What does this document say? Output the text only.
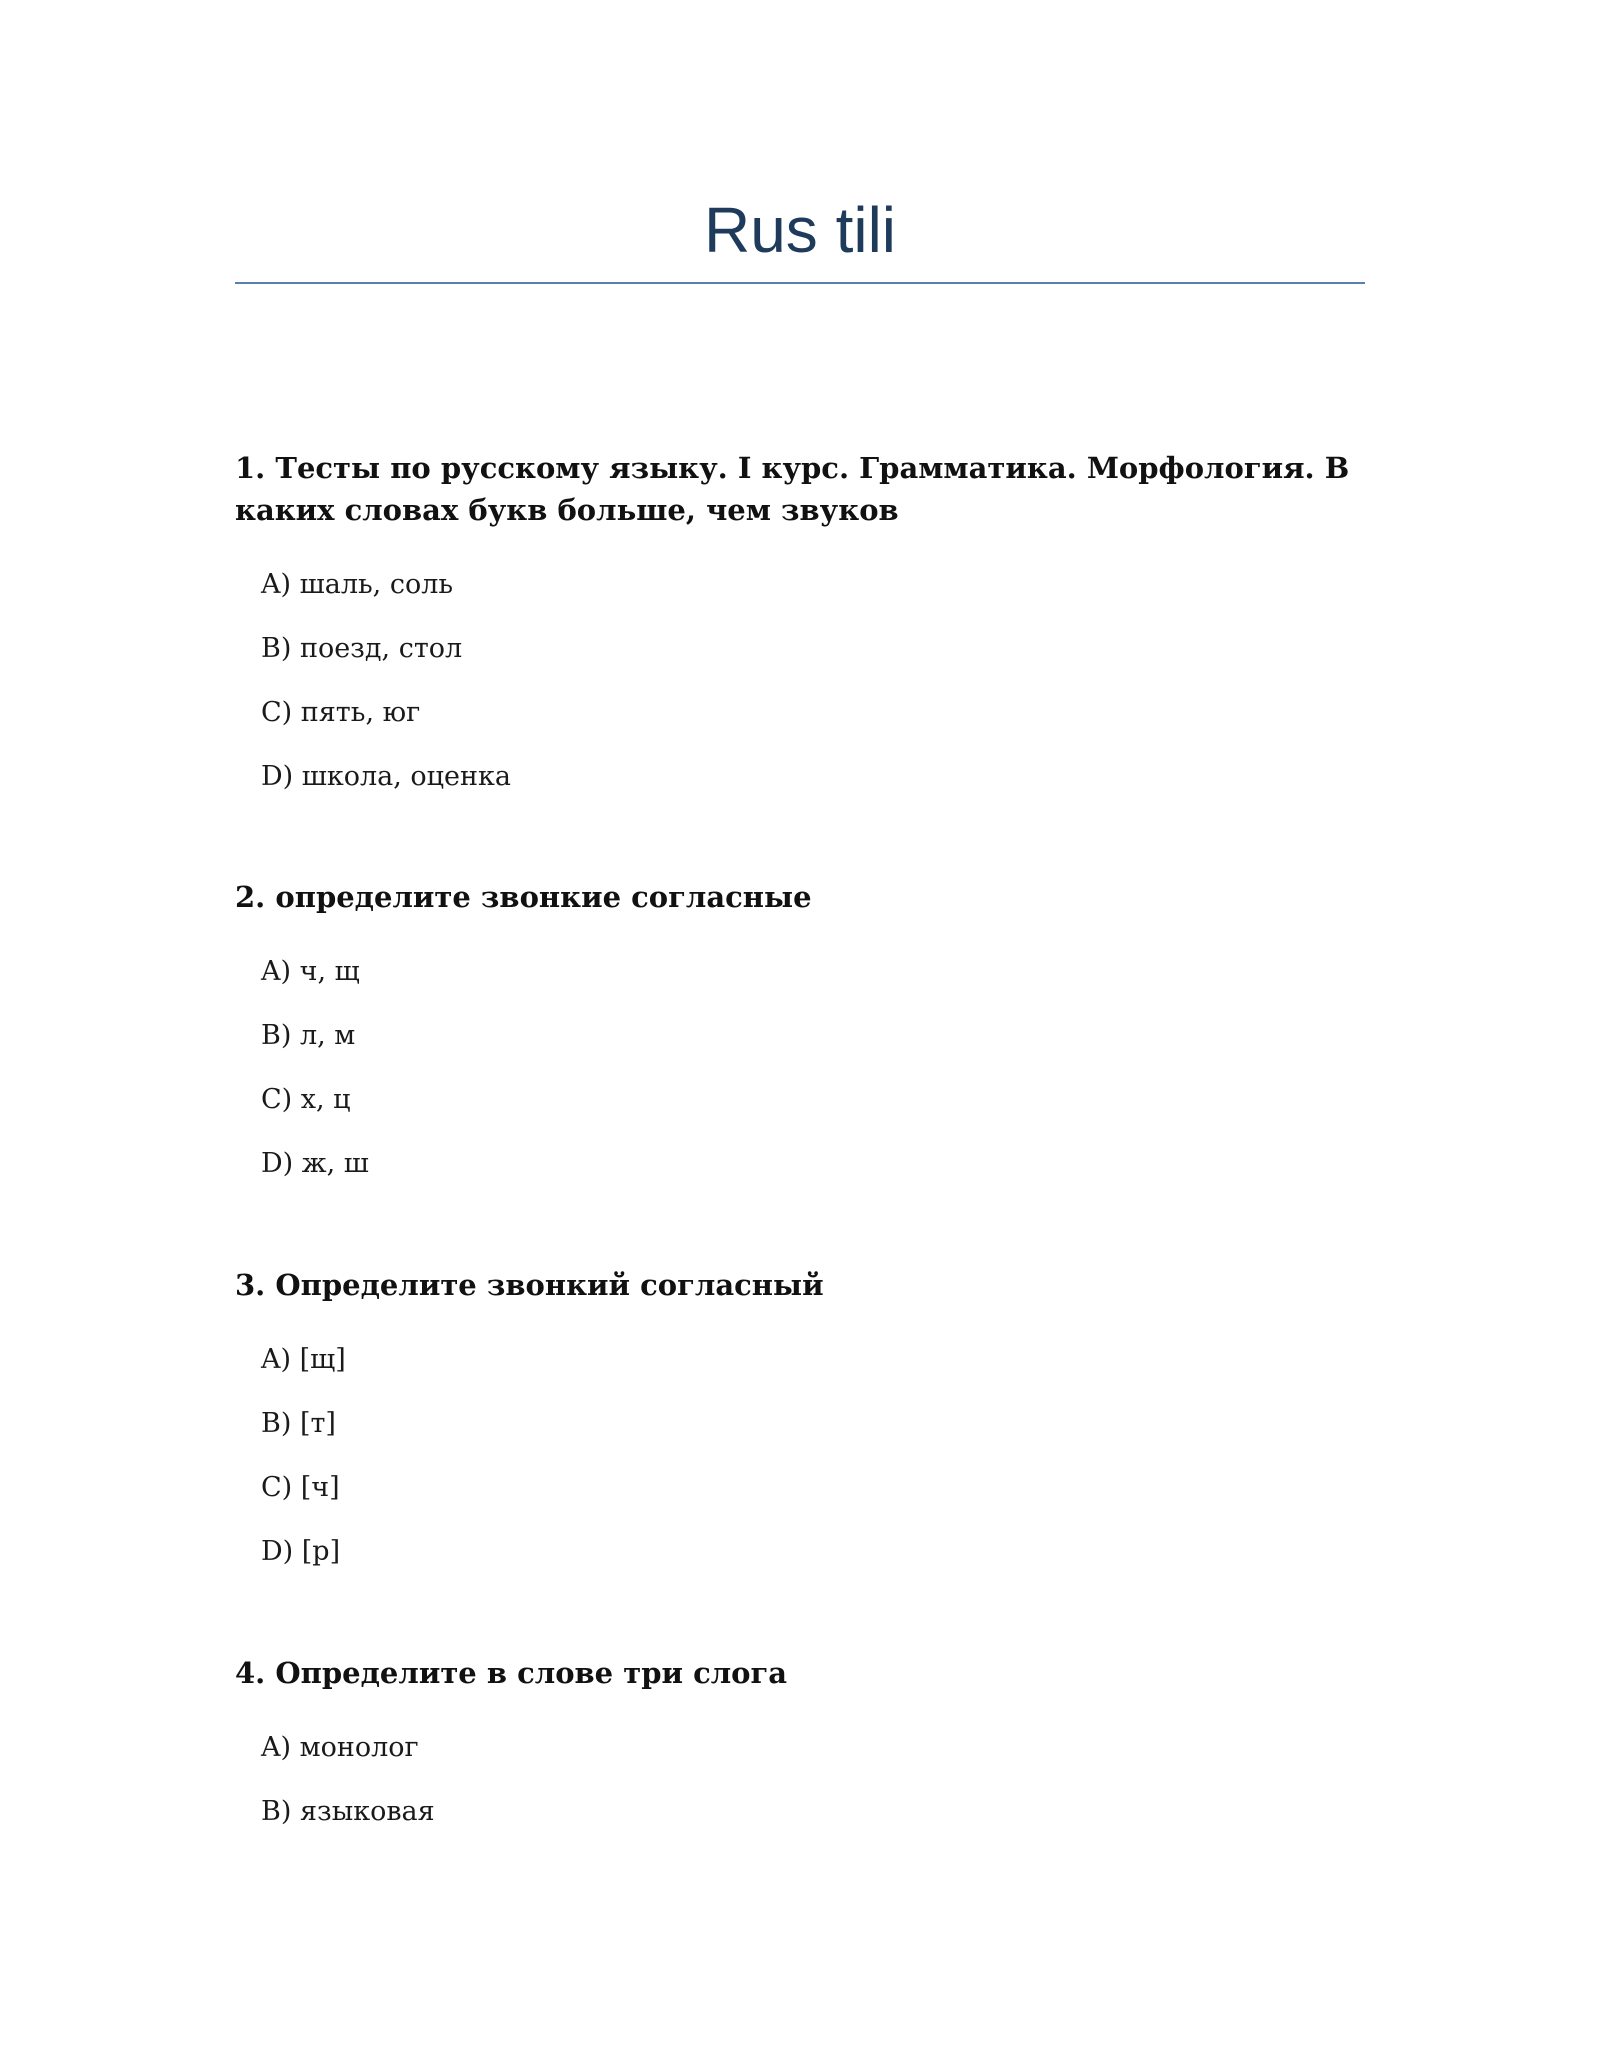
Rus tili

1. Тесты по русскому языку. I курс. Грамматика. Морфология. В каких словах букв больше, чем звуков

A) шаль, соль
B) поезд, стол
C) пять, юг
D) школа, оценка

2. определите звонкие согласные

A) ч, щ
B) л, м
C) х, ц
D) ж, ш

3. Определите звонкий согласный

A) [щ]
B) [т]
C) [ч]
D) [р]

4. Определите в слове три слога

A) монолог
B) языковая
